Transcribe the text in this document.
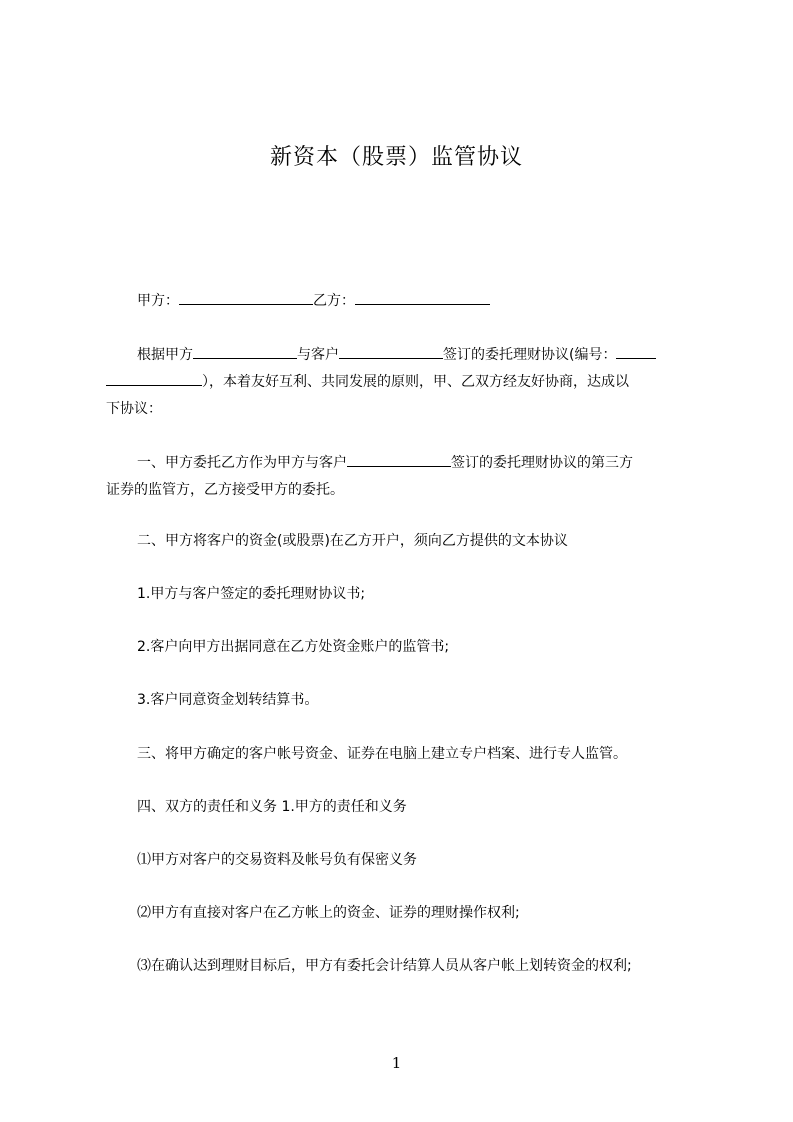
新资本（股票）监管协议
甲方：	乙方：
根据甲方	与客户	签订的委托理财协议(编号：
），本着友好互利、共同发展的原则，甲、乙双方经友好协商，达成以
下协议：
一、甲方委托乙方作为甲方与客户	签订的委托理财协议的第三方
证券的监管方，乙方接受甲方的委托。
二、甲方将客户的资金(或股票)在乙方开户，须向乙方提供的文本协议
1.甲方与客户签定的委托理财协议书;
2.客户向甲方出据同意在乙方处资金账户的监管书;
3.客户同意资金划转结算书。
三、将甲方确定的客户帐号资金、证券在电脑上建立专户档案、进行专人监管。
四、双方的责任和义务 1.甲方的责任和义务
⑴甲方对客户的交易资料及帐号负有保密义务
⑵甲方有直接对客户在乙方帐上的资金、证券的理财操作权利;
⑶在确认达到理财目标后，甲方有委托会计结算人员从客户帐上划转资金的权利;
1
